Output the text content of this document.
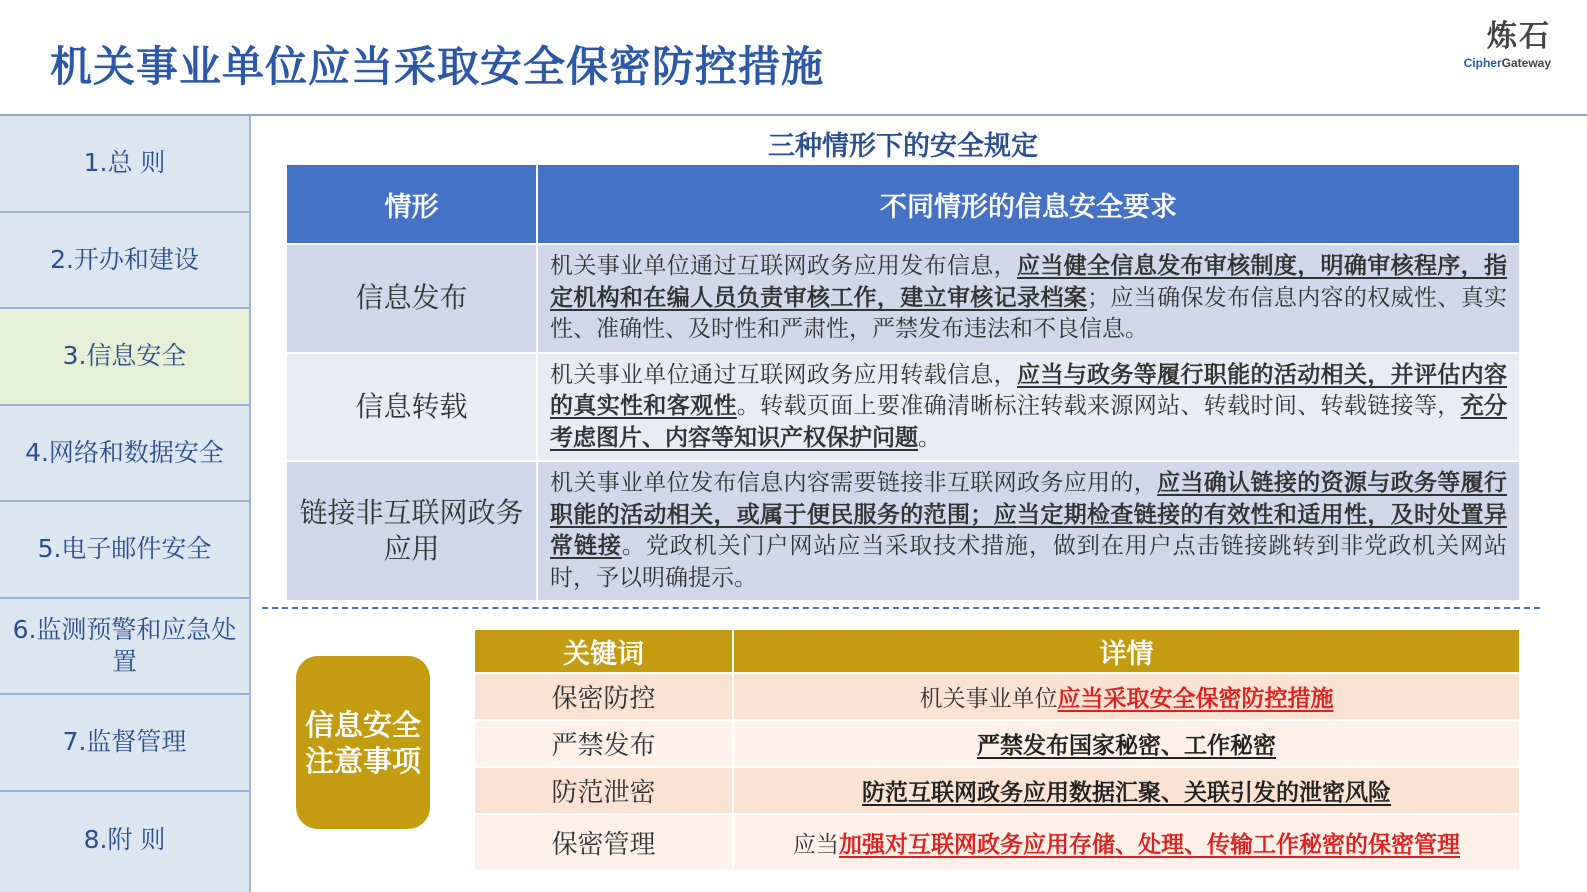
机关事业单位应当采取安全保密防控措施
炼石
CipherGateway
1.总 则
2.开办和建设
3.信息安全
4.网络和数据安全
5.电子邮件安全
6.监测预警和应急处置
7.监督管理
8.附 则
三种情形下的安全规定
情形	不同情形的信息安全要求
信息发布	机关事业单位通过互联网政务应用发布信息，应当健全信息发布审核制度，明确审核程序，指定机构和在编人员负责审核工作，建立审核记录档案；应当确保发布信息内容的权威性、真实性、准确性、及时性和严肃性，严禁发布违法和不良信息。
信息转载	机关事业单位通过互联网政务应用转载信息，应当与政务等履行职能的活动相关，并评估内容的真实性和客观性。转载页面上要准确清晰标注转载来源网站、转载时间、转载链接等，充分考虑图片、内容等知识产权保护问题。
链接非互联网政务应用	机关事业单位发布信息内容需要链接非互联网政务应用的，应当确认链接的资源与政务等履行职能的活动相关，或属于便民服务的范围；应当定期检查链接的有效性和适用性，及时处置异常链接。党政机关门户网站应当采取技术措施，做到在用户点击链接跳转到非党政机关网站时，予以明确提示。
信息安全注意事项
关键词	详情
保密防控	机关事业单位应当采取安全保密防控措施
严禁发布	严禁发布国家秘密、工作秘密
防范泄密	防范互联网政务应用数据汇聚、关联引发的泄密风险
保密管理	应当加强对互联网政务应用存储、处理、传输工作秘密的保密管理
